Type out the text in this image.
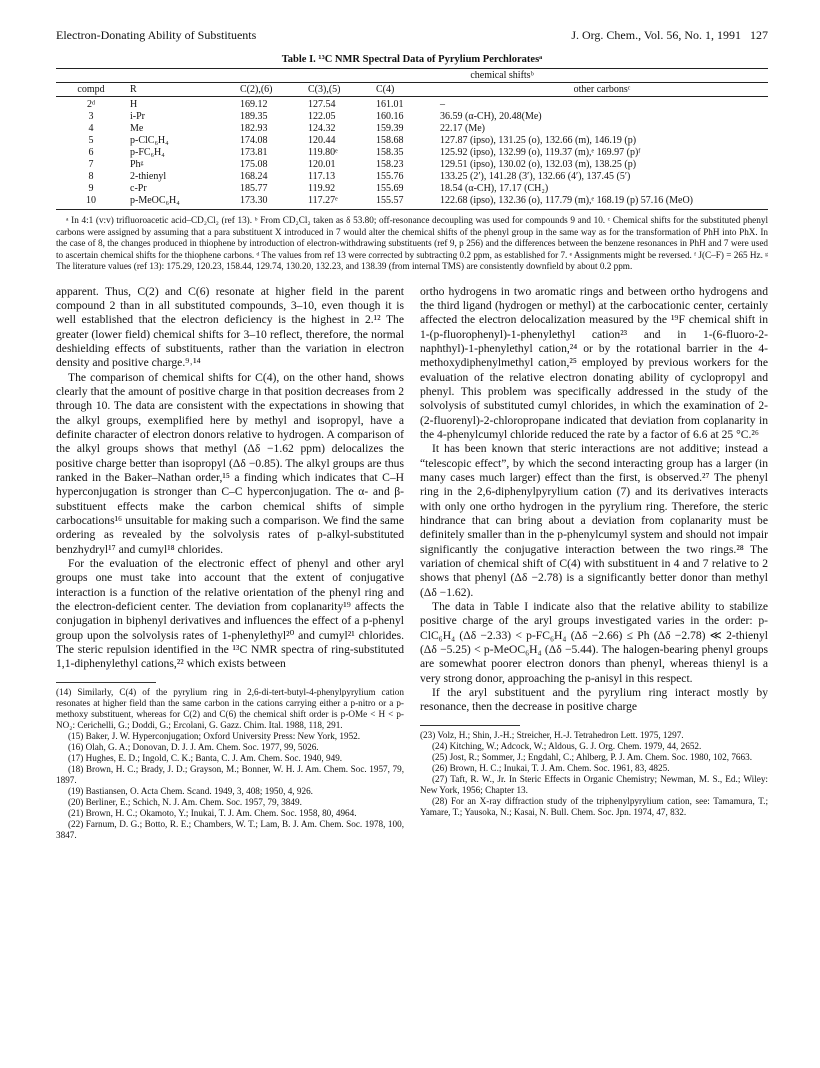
Electron-Donating Ability of Substituents	J. Org. Chem., Vol. 56, No. 1, 1991 127
Table I. ¹³C NMR Spectral Data of Pyrylium Perchloratesᵃ
		chemical shiftsᵇ			
compd	R	C(2),(6)	C(3),(5)	C(4)	other carbonsᶜ
2ᵈ	H	169.12	127.54	161.01	–
3	i-Pr	189.35	122.05	160.16	36.59 (α-CH), 20.48(Me)
4	Me	182.93	124.32	159.39	22.17 (Me)
5	p-ClC₆H₄	174.08	120.44	158.68	127.87 (ipso), 131.25 (o), 132.66 (m), 146.19 (p)
6	p-FC₆H₄	173.81	119.80ᵉ	158.35	125.92 (ipso), 132.99 (o), 119.37 (m),ᵉ 169.97 (p)ᶠ
7	Phᵍ	175.08	120.01	158.23	129.51 (ipso), 130.02 (o), 132.03 (m), 138.25 (p)
8	2-thienyl	168.24	117.13	155.76	133.25 (2′), 141.28 (3′), 132.66 (4′), 137.45 (5′)
9	c-Pr	185.77	119.92	155.69	18.54 (α-CH), 17.17 (CH₂)
10	p-MeOC₆H₄	173.30	117.27ᵉ	155.57	122.68 (ipso), 132.36 (o), 117.79 (m),ᵉ 168.19 (p) 57.16 (MeO)

ᵃ In 4:1 (v:v) trifluoroacetic acid–CD₂Cl₂ (ref 13). ᵇ From CD₂Cl₂ taken as δ 53.80; off-resonance decoupling was used for compounds 9 and 10. ᶜ Chemical shifts for the substituted phenyl carbons were assigned by assuming that a para substituent X introduced in 7 would alter the chemical shifts of the phenyl group in the same way as for the transformation of PhH into PhX. In the case of 8, the changes produced in thiophene by introduction of electron-withdrawing substituents (ref 9, p 256) and the differences between the benzene resonances in PhH and 7 were used to ascertain chemical shifts for the thiophene carbons. ᵈ The values from ref 13 were corrected by subtracting 0.2 ppm, as established for 7. ᵉ Assignments might be reversed. ᶠ J(C–F) = 265 Hz. ᵍ The literature values (ref 13): 175.29, 120.23, 158.44, 129.74, 130.20, 132.23, and 138.39 (from internal TMS) are consistently downfield by about 0.2 ppm.

apparent. Thus, C(2) and C(6) resonate at higher field in the parent compound 2 than in all substituted compounds, 3–10, even though it is well established that the electron deficiency is the highest in 2.¹² The greater (lower field) chemical shifts for 3–10 reflect, therefore, the normal deshielding effects of substituents, rather than the variation in electron density and positive charge.⁹˒¹⁴

The comparison of chemical shifts for C(4), on the other hand, shows clearly that the amount of positive charge in that position decreases from 2 through 10. The data are consistent with the expectations in showing that the alkyl groups, exemplified here by methyl and isopropyl, have a definite character of electron donors relative to hydrogen. A comparison of the alkyl groups shows that methyl (Δδ −1.62 ppm) delocalizes the positive charge better than isopropyl (Δδ −0.85). The alkyl groups are thus ranked in the Baker–Nathan order,¹⁵ a finding which indicates that C–H hyperconjugation is stronger than C–C hyperconjugation. The α- and β-substituent effects make the carbon chemical shifts of simple carbocations¹⁶ unsuitable for making such a comparison. We find the same ordering as revealed by the solvolysis rates of p-alkyl-substituted benzhydryl¹⁷ and cumyl¹⁸ chlorides.

For the evaluation of the electronic effect of phenyl and other aryl groups one must take into account that the extent of conjugative interaction is a function of the relative orientation of the phenyl ring and the electron-deficient center. The deviation from coplanarity¹⁹ affects the conjugation in biphenyl derivatives and influences the effect of a p-phenyl group upon the solvolysis rates of 1-phenylethyl²⁰ and cumyl²¹ chlorides. The steric repulsion identified in the ¹³C NMR spectra of ring-substituted 1,1-diphenylethyl cations,²² which exists between

(14) Similarly, C(4) of the pyrylium ring in 2,6-di-tert-butyl-4-phenylpyrylium cation resonates at higher field than the same carbon in the cations carrying either a p-nitro or a p-methoxy substituent, whereas for C(2) and C(6) the chemical shift order is p-OMe < H < p-NO₂: Cerichelli, G.; Doddi, G.; Ercolani, G. Gazz. Chim. Ital. 1988, 118, 291.

(15) Baker, J. W. Hyperconjugation; Oxford University Press: New York, 1952.

(16) Olah, G. A.; Donovan, D. J. J. Am. Chem. Soc. 1977, 99, 5026.

(17) Hughes, E. D.; Ingold, C. K.; Banta, C. J. Am. Chem. Soc. 1940, 949.

(18) Brown, H. C.; Brady, J. D.; Grayson, M.; Bonner, W. H. J. Am. Chem. Soc. 1957, 79, 1897.

(19) Bastiansen, O. Acta Chem. Scand. 1949, 3, 408; 1950, 4, 926.

(20) Berliner, E.; Schich, N. J. Am. Chem. Soc. 1957, 79, 3849.

(21) Brown, H. C.; Okamoto, Y.; Inukai, T. J. Am. Chem. Soc. 1958, 80, 4964.

(22) Farnum, D. G.; Botto, R. E.; Chambers, W. T.; Lam, B. J. Am. Chem. Soc. 1978, 100, 3847.

ortho hydrogens in two aromatic rings and between ortho hydrogens and the third ligand (hydrogen or methyl) at the carbocationic center, certainly affected the electron delocalization measured by the ¹⁹F chemical shift in 1-(p-fluorophenyl)-1-phenylethyl cation²³ and in 1-(6-fluoro-2-naphthyl)-1-phenylethyl cation,²⁴ or by the rotational barrier in the 4-methoxydiphenylmethyl cation,²⁵ employed by previous workers for the evaluation of the relative electron donating ability of cyclopropyl and phenyl. This problem was specifically addressed in the study of the solvolysis of substituted cumyl chlorides, in which the examination of 2-(2-fluorenyl)-2-chloropropane indicated that deviation from coplanarity in the 4-phenylcumyl chloride reduced the rate by a factor of 6.6 at 25 °C.²⁶

It has been known that steric interactions are not additive; instead a “telescopic effect”, by which the second interacting group has a larger (in many cases much larger) effect than the first, is observed.²⁷ The phenyl ring in the 2,6-diphenylpyrylium cation (7) and its derivatives interacts with only one ortho hydrogen in the pyrylium ring. Therefore, the steric hindrance that can bring about a deviation from coplanarity must be definitely smaller than in the p-phenylcumyl system and should not impair significantly the conjugative interaction between the two rings.²⁸ The variation of chemical shift of C(4) with substituent in 4 and 7 relative to 2 shows that phenyl (Δδ −2.78) is a significantly better donor than methyl (Δδ −1.62).

The data in Table I indicate also that the relative ability to stabilize positive charge of the aryl groups investigated varies in the order: p-ClC₆H₄ (Δδ −2.33) < p-FC₆H₄ (Δδ −2.66) ≤ Ph (Δδ −2.78) ≪ 2-thienyl (Δδ −5.25) < p-MeOC₆H₄ (Δδ −5.44). The halogen-bearing phenyl groups are somewhat poorer electron donors than phenyl, whereas thienyl is a very strong donor, approaching the p-anisyl in this respect.

If the aryl substituent and the pyrylium ring interact mostly by resonance, then the decrease in positive charge

(23) Volz, H.; Shin, J.-H.; Streicher, H.-J. Tetrahedron Lett. 1975, 1297.

(24) Kitching, W.; Adcock, W.; Aldous, G. J. Org. Chem. 1979, 44, 2652.

(25) Jost, R.; Sommer, J.; Engdahl, C.; Ahlberg, P. J. Am. Chem. Soc. 1980, 102, 7663.

(26) Brown, H. C.; Inukai, T. J. Am. Chem. Soc. 1961, 83, 4825.

(27) Taft, R. W., Jr. In Steric Effects in Organic Chemistry; Newman, M. S., Ed.; Wiley: New York, 1956; Chapter 13.

(28) For an X-ray diffraction study of the triphenylpyrylium cation, see: Tamamura, T.; Yamare, T.; Yausoka, N.; Kasai, N. Bull. Chem. Soc. Jpn. 1974, 47, 832.
